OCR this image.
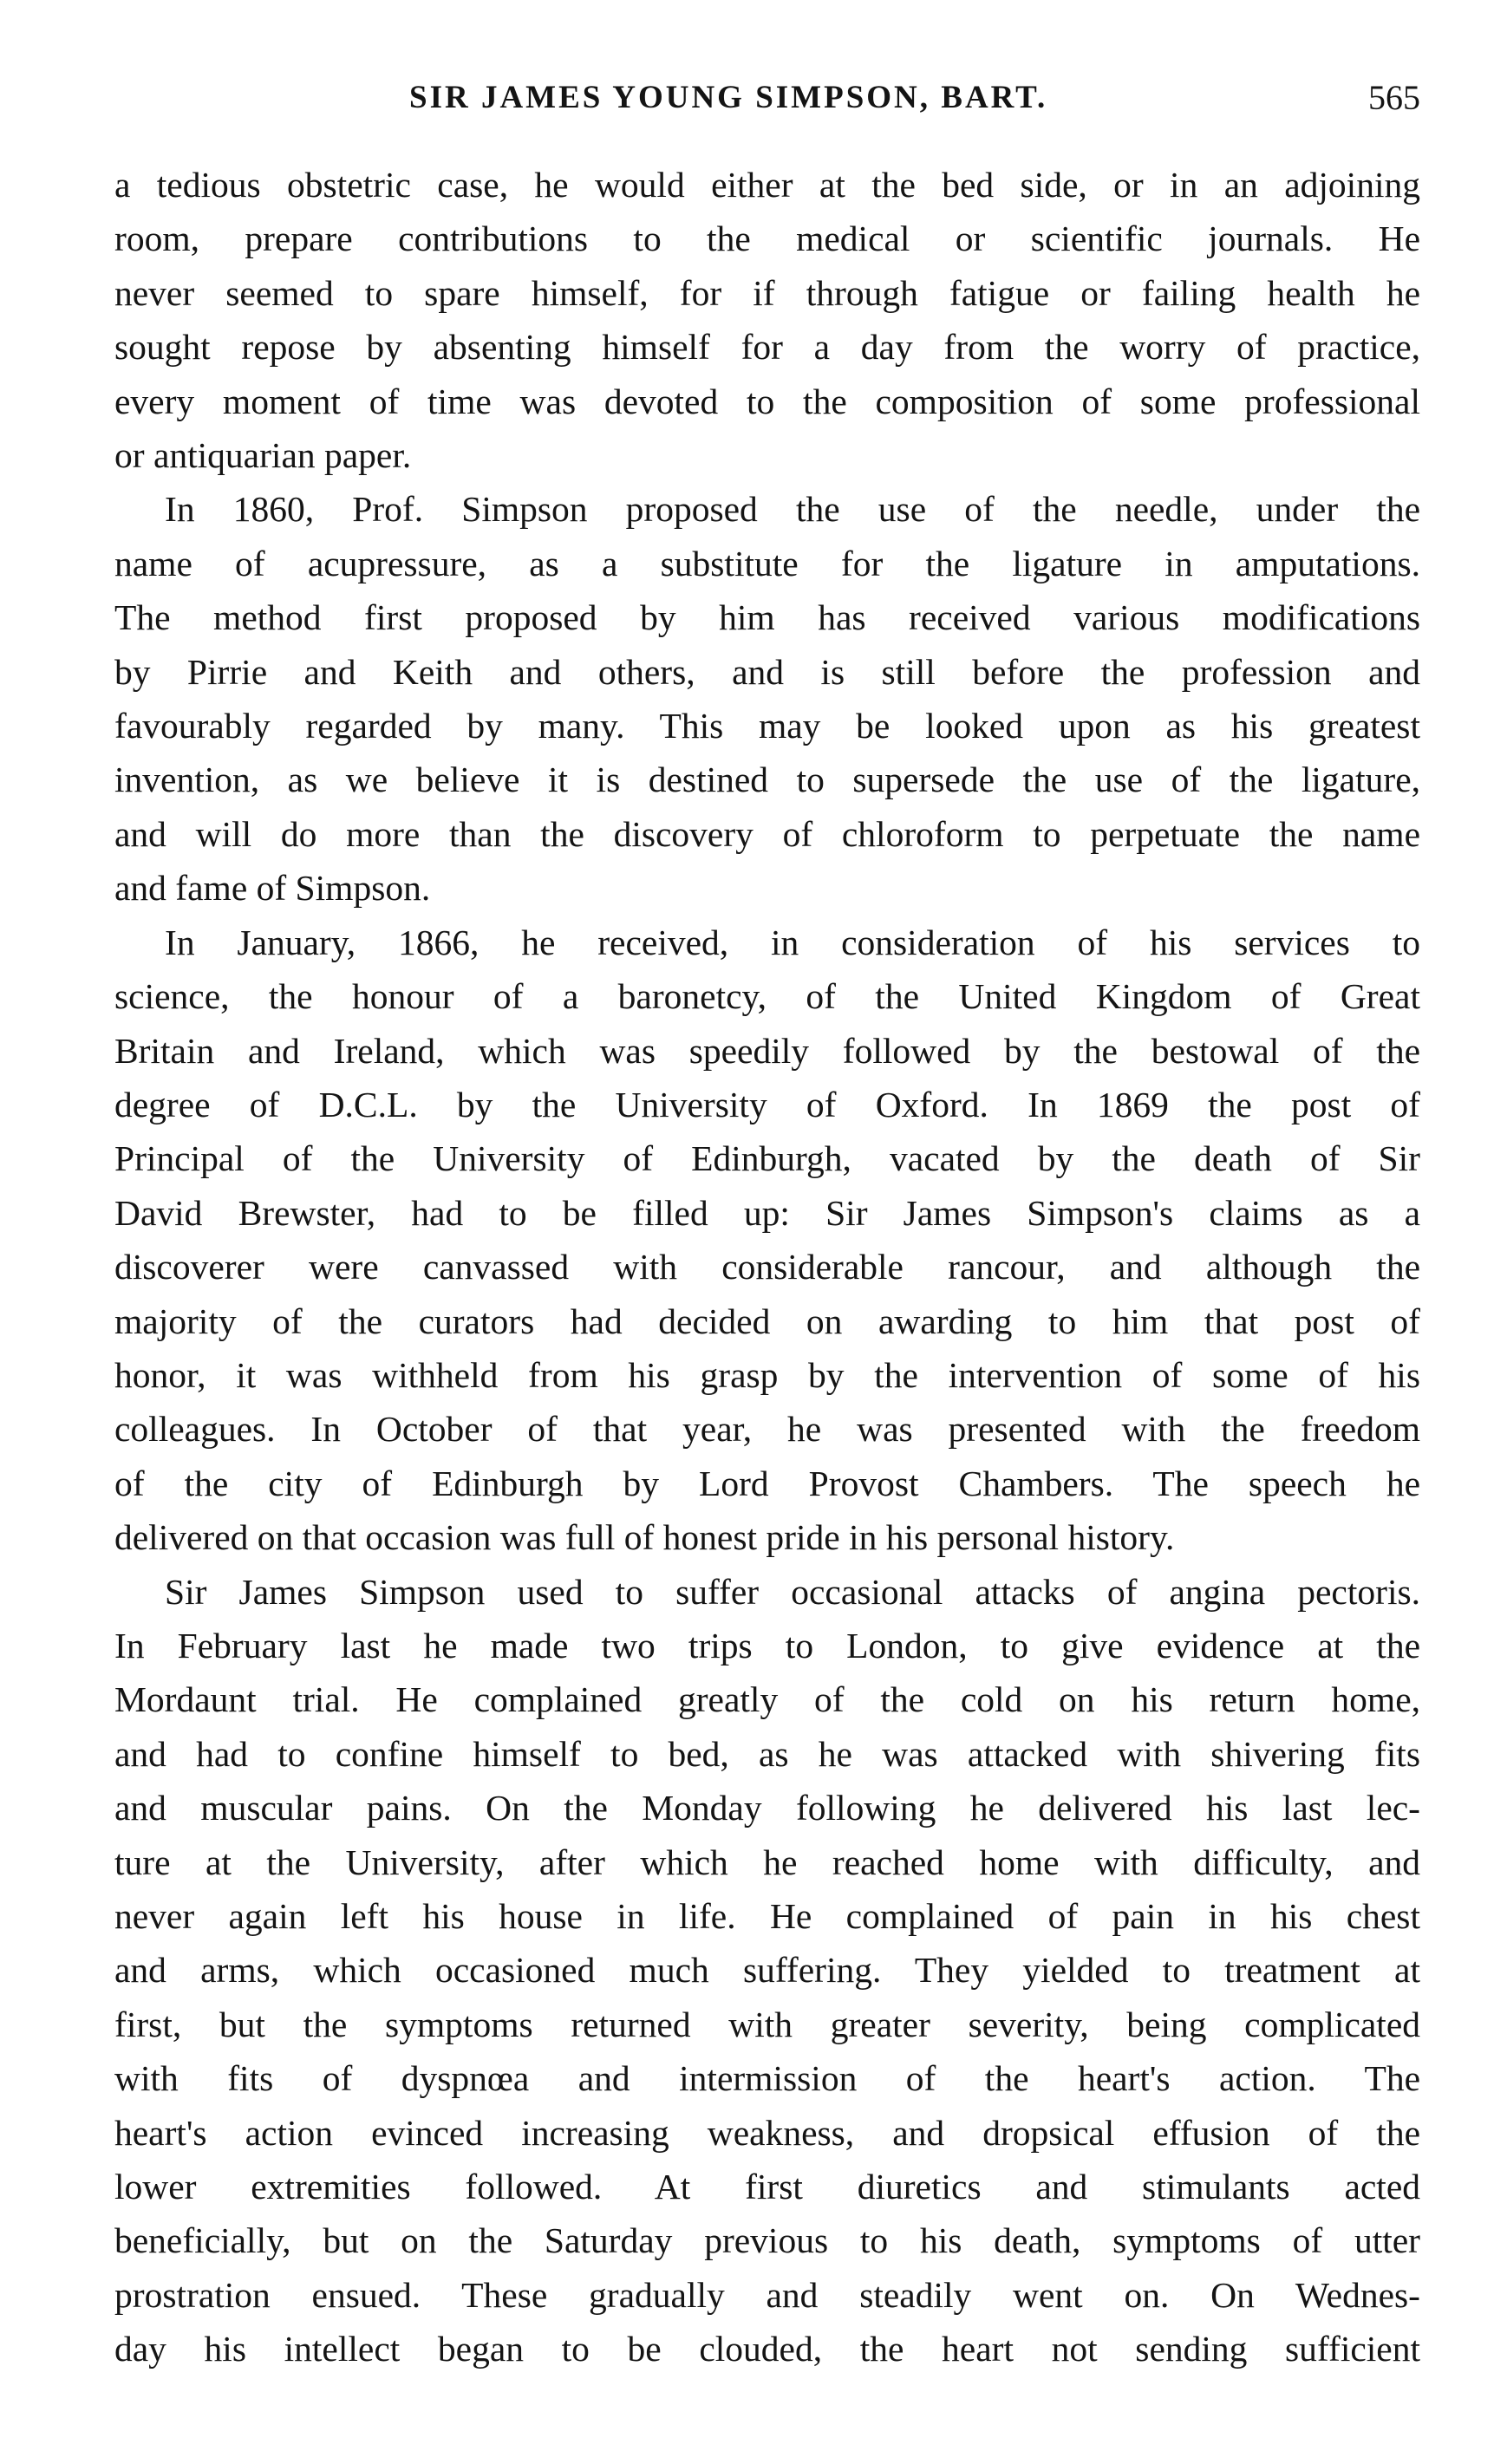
SIR JAMES YOUNG SIMPSON, BART.	565

a tedious obstetric case, he would either at the bed side, or in an adjoining
room, prepare contributions to the medical or scientific journals. He
never seemed to spare himself, for if through fatigue or failing health he
sought repose by absenting himself for a day from the worry of practice,
every moment of time was devoted to the composition of some professional
or antiquarian paper.

In 1860, Prof. Simpson proposed the use of the needle, under the
name of acupressure, as a substitute for the ligature in amputations.
The method first proposed by him has received various modifications
by Pirrie and Keith and others, and is still before the profession and
favourably regarded by many. This may be looked upon as his greatest
invention, as we believe it is destined to supersede the use of the ligature,
and will do more than the discovery of chloroform to perpetuate the name
and fame of Simpson.

In January, 1866, he received, in consideration of his services to
science, the honour of a baronetcy, of the United Kingdom of Great
Britain and Ireland, which was speedily followed by the bestowal of the
degree of D.C.L. by the University of Oxford. In 1869 the post of
Principal of the University of Edinburgh, vacated by the death of Sir
David Brewster, had to be filled up: Sir James Simpson's claims as a
discoverer were canvassed with considerable rancour, and although the
majority of the curators had decided on awarding to him that post of
honor, it was withheld from his grasp by the intervention of some of his
colleagues. In October of that year, he was presented with the freedom
of the city of Edinburgh by Lord Provost Chambers. The speech he
delivered on that occasion was full of honest pride in his personal history.

Sir James Simpson used to suffer occasional attacks of angina pectoris.
In February last he made two trips to London, to give evidence at the
Mordaunt trial. He complained greatly of the cold on his return home,
and had to confine himself to bed, as he was attacked with shivering fits
and muscular pains. On the Monday following he delivered his last lec-
ture at the University, after which he reached home with difficulty, and
never again left his house in life. He complained of pain in his chest
and arms, which occasioned much suffering. They yielded to treatment at
first, but the symptoms returned with greater severity, being complicated
with fits of dyspnœa and intermission of the heart's action. The
heart's action evinced increasing weakness, and dropsical effusion of the
lower extremities followed. At first diuretics and stimulants acted
beneficially, but on the Saturday previous to his death, symptoms of utter
prostration ensued. These gradually and steadily went on. On Wednes-
day his intellect began to be clouded, the heart not sending sufficient
